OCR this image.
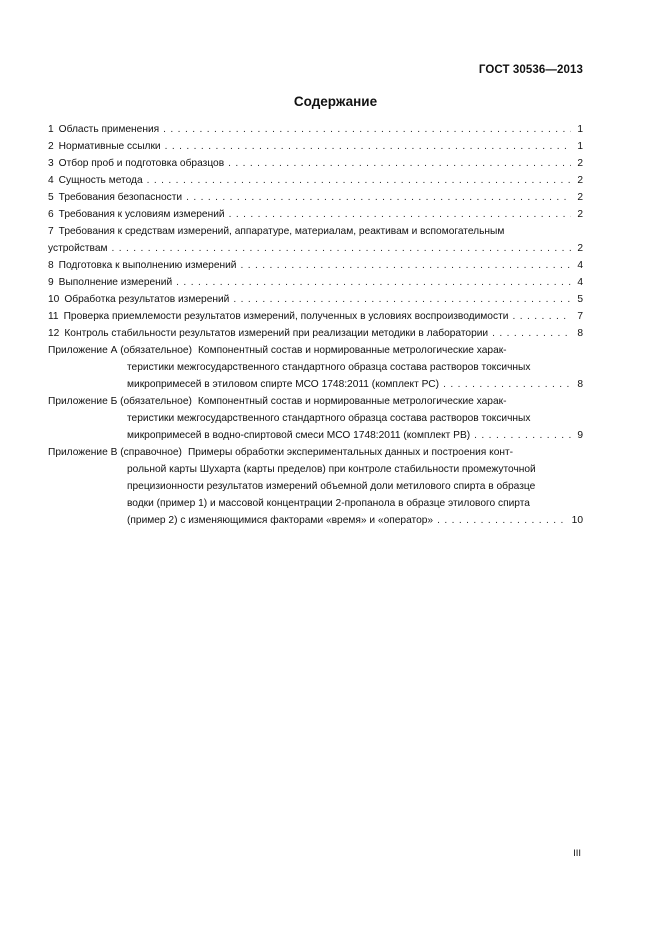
ГОСТ 30536—2013
Содержание
1 Область применения . . .	1
2 Нормативные ссылки . . .	1
3 Отбор проб и подготовка образцов . . .	2
4 Сущность метода . . .	2
5 Требования безопасности . . .	2
6 Требования к условиям измерений . . .	2
7 Требования к средствам измерений, аппаратуре, материалам, реактивам и вспомогательным
устройствам . . .	2
8 Подготовка к выполнению измерений . . .	4
9 Выполнение измерений . . .	4
10 Обработка результатов измерений . . .	5
11 Проверка приемлемости результатов измерений, полученных в условиях воспроизводимости . . .	7
12 Контроль стабильности результатов измерений при реализации методики в лаборатории . . .	8
Приложение А (обязательное) Компонентный состав и нормированные метрологические харак-
теристики межгосударственного стандартного образца состава растворов токсичных
микропримесей в этиловом спирте МСО 1748:2011 (комплект РС) . . .	8
Приложение Б (обязательное) Компонентный состав и нормированные метрологические харак-
теристики межгосударственного стандартного образца состава растворов токсичных
микропримесей в водно-спиртовой смеси МСО 1748:2011 (комплект РВ) . . .	9
Приложение В (справочное) Примеры обработки экспериментальных данных и построения конт-
рольной карты Шухарта (карты пределов) при контроле стабильности промежуточной
прецизионности результатов измерений объемной доли метилового спирта в образце
водки (пример 1) и массовой концентрации 2-пропанола в образце этилового спирта
(пример 2) с изменяющимися факторами «время» и «оператор» . . .	10
III
